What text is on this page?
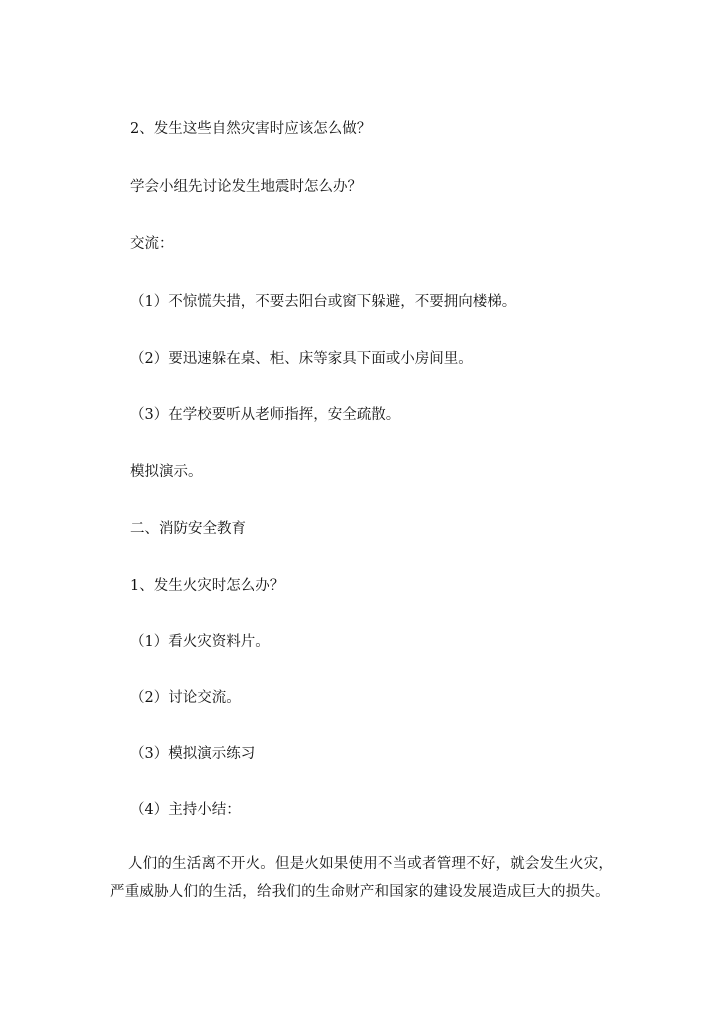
2、发生这些自然灾害时应该怎么做？
学会小组先讨论发生地震时怎么办？
交流：
（1）不惊慌失措，不要去阳台或窗下躲避，不要拥向楼梯。
（2）要迅速躲在桌、柜、床等家具下面或小房间里。
（3）在学校要听从老师指挥，安全疏散。
模拟演示。
二、消防安全教育
1、发生火灾时怎么办？
（1）看火灾资料片。
（2）讨论交流。
（3）模拟演示练习
（4）主持小结：
人们的生活离不开火。但是火如果使用不当或者管理不好，就会发生火灾，严重威胁人们的生活，给我们的生命财产和国家的建设发展造成巨大的损失。
